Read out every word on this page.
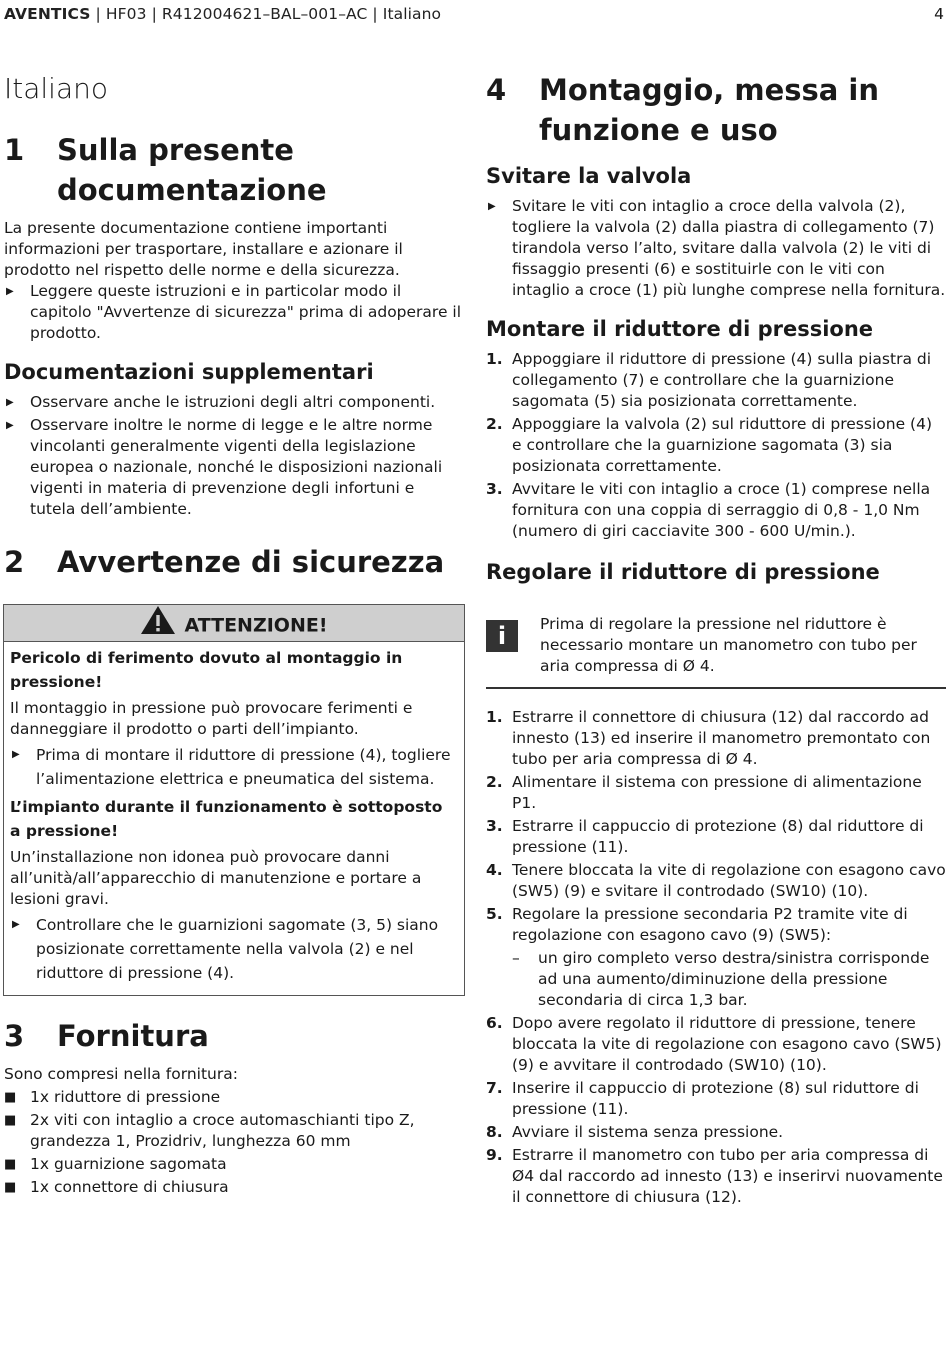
AVENTICS | HF03 | R412004621–BAL–001–AC | Italiano	4
Italiano
1	Sulla presente documentazione

La presente documentazione contiene importanti informazioni per trasportare, installare e azionare il prodotto nel rispetto delle norme e della sicurezza.

▶ Leggere queste istruzioni e in particolar modo il capitolo "Avvertenze di sicurezza" prima di adoperare il prodotto.
Documentazioni supplementari
▶ Osservare anche le istruzioni degli altri componenti.
▶ Osservare inoltre le norme di legge e le altre norme vincolanti generalmente vigenti della legislazione europea o nazionale, nonché le disposizioni nazionali vigenti in materia di prevenzione degli infortuni e tutela dell’ambiente.
2	Avvertenze di sicurezza
ATTENZIONE!

Pericolo di ferimento dovuto al montaggio in pressione!

Il montaggio in pressione può provocare ferimenti e danneggiare il prodotto o parti dell’impianto.

▶ Prima di montare il riduttore di pressione (4), togliere l’alimentazione elettrica e pneumatica del sistema.

L’impianto durante il funzionamento è sottoposto a pressione!

Un’installazione non idonea può provocare danni all’unità/all’apparecchio di manutenzione e portare a lesioni gravi.

▶ Controllare che le guarnizioni sagomate (3, 5) siano posizionate correttamente nella valvola (2) e nel riduttore di pressione (4).
3	Fornitura

Sono compresi nella fornitura:

■ 1x riduttore di pressione
■ 2x viti con intaglio a croce automaschianti tipo Z, grandezza 1, Prozidriv, lunghezza 60 mm
■ 1x guarnizione sagomata
■ 1x connettore di chiusura
4	Montaggio, messa in funzione e uso
Svitare la valvola
▶ Svitare le viti con intaglio a croce della valvola (2), togliere la valvola (2) dalla piastra di collegamento (7) tirandola verso l’alto, svitare dalla valvola (2) le viti di fissaggio presenti (6) e sostituirle con le viti con intaglio a croce (1) più lunghe comprese nella fornitura.
Montare il riduttore di pressione
1. Appoggiare il riduttore di pressione (4) sulla piastra di collegamento (7) e controllare che la guarnizione sagomata (5) sia posizionata correttamente.
2. Appoggiare la valvola (2) sul riduttore di pressione (4) e controllare che la guarnizione sagomata (3) sia posizionata correttamente.
3. Avvitare le viti con intaglio a croce (1) comprese nella fornitura con una coppia di serraggio di 0,8 - 1,0 Nm (numero di giri cacciavite 300 - 600 U/min.).
Regolare il riduttore di pressione
i	Prima di regolare la pressione nel riduttore è necessario montare un manometro con tubo per aria compressa di Ø 4.

1. Estrarre il connettore di chiusura (12) dal raccordo ad innesto (13) ed inserire il manometro premontato con tubo per aria compressa di Ø 4.
2. Alimentare il sistema con pressione di alimentazione P1.
3. Estrarre il cappuccio di protezione (8) dal riduttore di pressione (11).
4. Tenere bloccata la vite di regolazione con esagono cavo (SW5) (9) e svitare il controdado (SW10) (10).
5. Regolare la pressione secondaria P2 tramite vite di regolazione con esagono cavo (9) (SW5):
– un giro completo verso destra/sinistra corrisponde ad una aumento/diminuzione della pressione secondaria di circa 1,3 bar.
6. Dopo avere regolato il riduttore di pressione, tenere bloccata la vite di regolazione con esagono cavo (SW5) (9) e avvitare il controdado (SW10) (10).
7. Inserire il cappuccio di protezione (8) sul riduttore di pressione (11).
8. Avviare il sistema senza pressione.
9. Estrarre il manometro con tubo per aria compressa di Ø4 dal raccordo ad innesto (13) e inserirvi nuovamente il connettore di chiusura (12).
